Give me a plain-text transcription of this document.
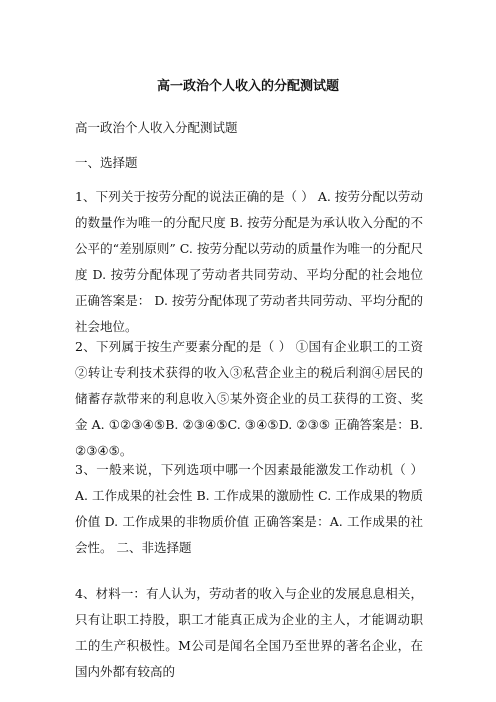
高一政治个人收入的分配测试题

高一政治个人收入分配测试题

一、选择题

1、下列关于按劳分配的说法正确的是（ ） A. 按劳分配以劳动的数量作为唯一的分配尺度 B. 按劳分配是为承认收入分配的不公平的“差别原则” C. 按劳分配以劳动的质量作为唯一的分配尺度 D. 按劳分配体现了劳动者共同劳动、平均分配的社会地位 正确答案是： D. 按劳分配体现了劳动者共同劳动、平均分配的社会地位。

2、下列属于按生产要素分配的是（ ） ①国有企业职工的工资②转让专利技术获得的收入③私营企业主的税后利润④居民的储蓄存款带来的利息收入⑤某外资企业的员工获得的工资、奖金 A. ①②③④⑤B. ②③④⑤C. ③④⑤D. ②③⑤ 正确答案是：B. ②③④⑤。

3、一般来说，下列选项中哪一个因素最能激发工作动机（ ） A. 工作成果的社会性 B. 工作成果的激励性 C. 工作成果的物质价值 D. 工作成果的非物质价值 正确答案是：A. 工作成果的社会性。 二、非选择题

4、材料一：有人认为，劳动者的收入与企业的发展息息相关，只有让职工持股，职工才能真正成为企业的主人，才能调动职工的生产积极性。M公司是闻名全国乃至世界的著名企业，在国内外都有较高的
